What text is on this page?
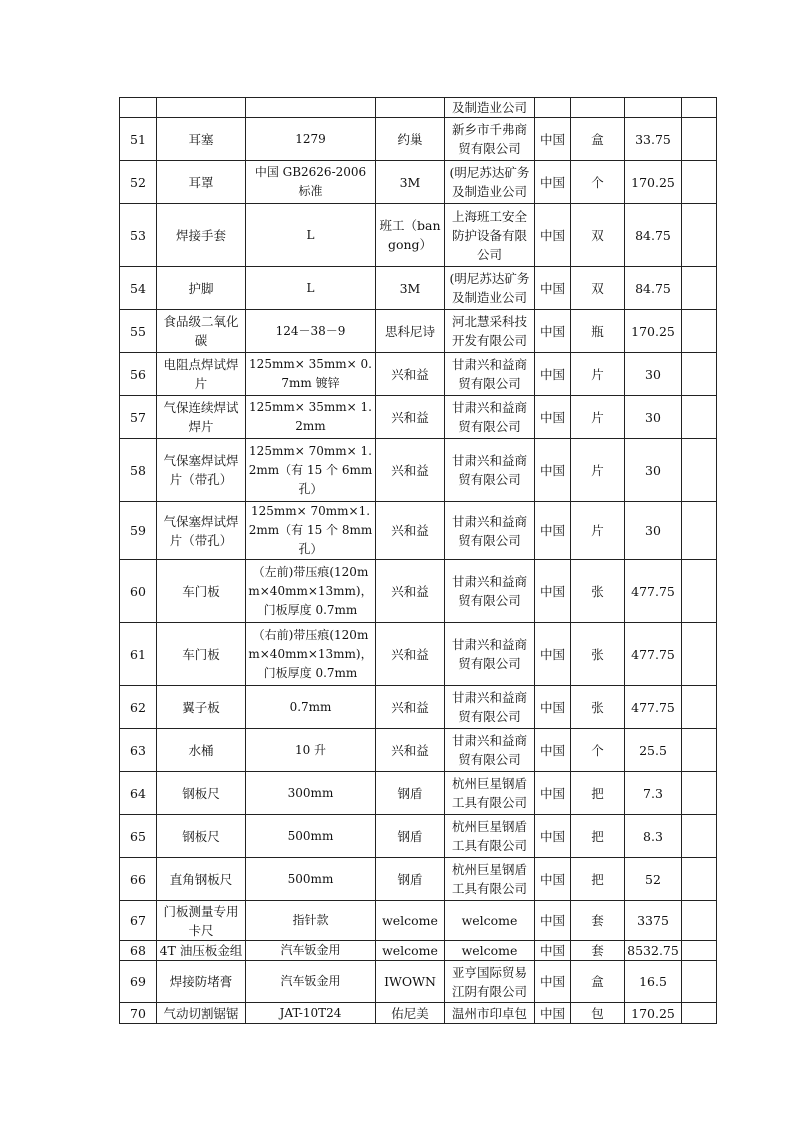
				及制造业公司				
51	耳塞	1279	约巢	新乡市千弗商贸有限公司	中国	盒	33.75	
52	耳罩	中国 GB2626-2006 标准	3M	(明尼苏达矿务及制造业公司	中国	个	170.25	
53	焊接手套	L	班工（bangong）	上海班工安全防护设备有限公司	中国	双	84.75	
54	护脚	L	3M	(明尼苏达矿务及制造业公司	中国	双	84.75	
55	食品级二氧化碳	124－38－9	思科尼诗	河北慧采科技开发有限公司	中国	瓶	170.25	
56	电阻点焊试焊片	125mm× 35mm× 0.7mm 镀锌	兴和益	甘肃兴和益商贸有限公司	中国	片	30	
57	气保连续焊试焊片	125mm× 35mm× 1.2mm	兴和益	甘肃兴和益商贸有限公司	中国	片	30	
58	气保塞焊试焊片（带孔）	125mm× 70mm× 1.2mm（有 15 个 6mm 孔）	兴和益	甘肃兴和益商贸有限公司	中国	片	30	
59	气保塞焊试焊片（带孔）	125mm× 70mm×1.2mm（有 15 个 8mm 孔）	兴和益	甘肃兴和益商贸有限公司	中国	片	30	
60	车门板	（左前)带压痕(120mm×40mm×13mm)，门板厚度 0.7mm	兴和益	甘肃兴和益商贸有限公司	中国	张	477.75	
61	车门板	（右前)带压痕(120mm×40mm×13mm)，门板厚度 0.7mm	兴和益	甘肃兴和益商贸有限公司	中国	张	477.75	
62	翼子板	0.7mm	兴和益	甘肃兴和益商贸有限公司	中国	张	477.75	
63	水桶	10 升	兴和益	甘肃兴和益商贸有限公司	中国	个	25.5	
64	钢板尺	300mm	钢盾	杭州巨星钢盾工具有限公司	中国	把	7.3	
65	钢板尺	500mm	钢盾	杭州巨星钢盾工具有限公司	中国	把	8.3	
66	直角钢板尺	500mm	钢盾	杭州巨星钢盾工具有限公司	中国	把	52	
67	门板测量专用卡尺	指针款	welcome	welcome	中国	套	3375	
68	4T 油压板金组	汽车钣金用	welcome	welcome	中国	套	8532.75	
69	焊接防堵膏	汽车钣金用	IWOWN	亚亨国际贸易江阴有限公司	中国	盒	16.5	
70	气动切割锯锯	JAT-10T24	佑尼美	温州市印卓包	中国	包	170.25	
